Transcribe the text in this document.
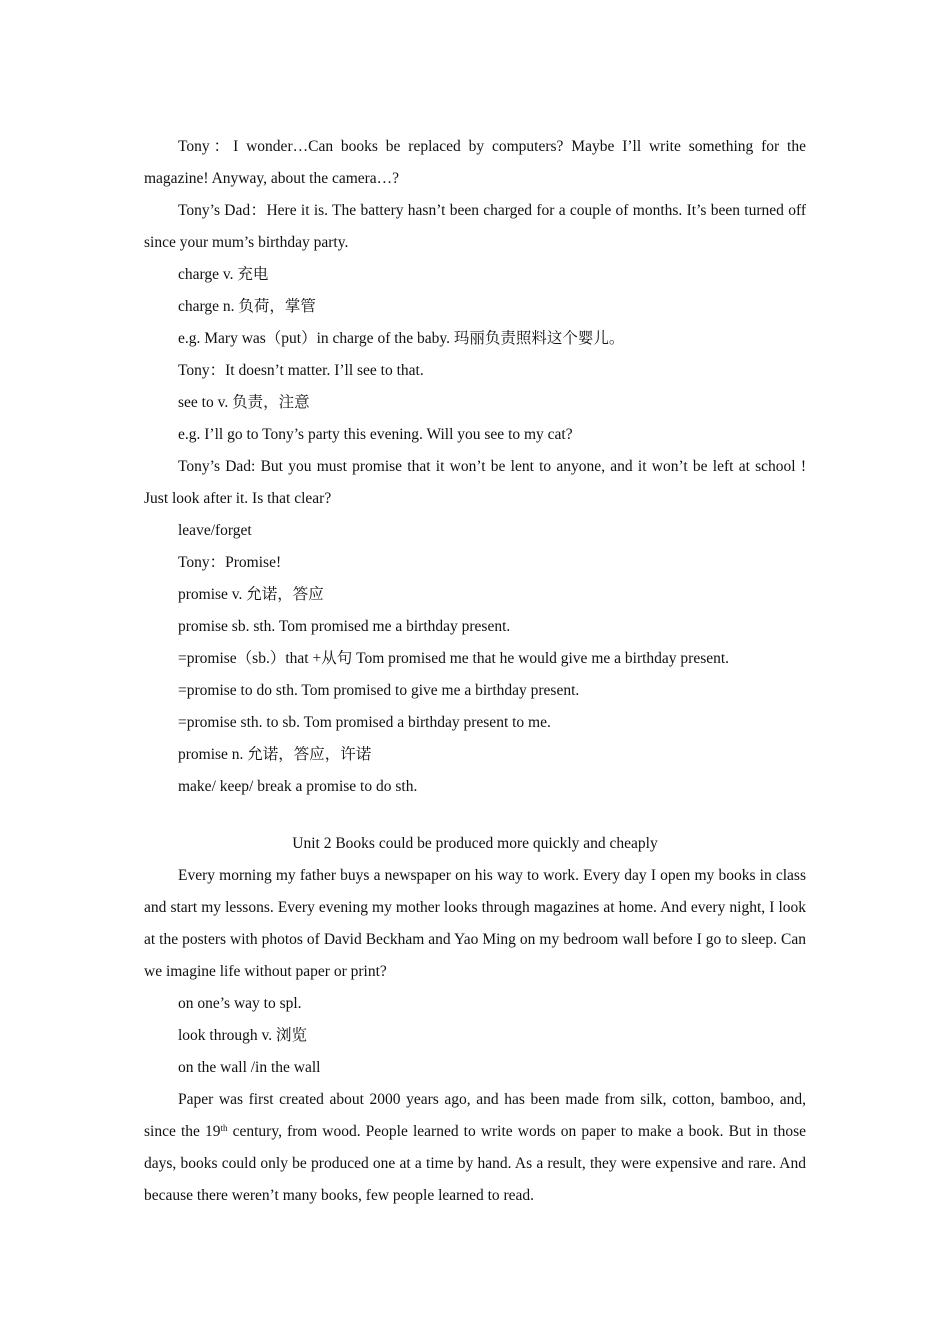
Tony：I wonder…Can books be replaced by computers? Maybe I’ll write something for the magazine! Anyway, about the camera…?

Tony’s Dad：Here it is. The battery hasn’t been charged for a couple of months. It’s been turned off since your mum’s birthday party.

charge v. 充电

charge n. 负荷，掌管

e.g. Mary was（put）in charge of the baby. 玛丽负责照料这个婴儿。

Tony：It doesn’t matter. I’ll see to that.

see to v. 负责，注意

e.g. I’ll go to Tony’s party this evening. Will you see to my cat?

Tony’s Dad: But you must promise that it won’t be lent to anyone, and it won’t be left at school ! Just look after it. Is that clear?

leave/forget

Tony：Promise!

promise v. 允诺，答应

promise sb. sth. Tom promised me a birthday present.

=promise（sb.）that +从句 Tom promised me that he would give me a birthday present.

=promise to do sth. Tom promised to give me a birthday present.

=promise sth. to sb. Tom promised a birthday present to me.

promise n. 允诺，答应，许诺

make/ keep/ break a promise to do sth.

Unit 2 Books could be produced more quickly and cheaply

Every morning my father buys a newspaper on his way to work. Every day I open my books in class and start my lessons. Every evening my mother looks through magazines at home. And every night, I look at the posters with photos of David Beckham and Yao Ming on my bedroom wall before I go to sleep. Can we imagine life without paper or print?

on one’s way to spl.

look through v. 浏览

on the wall /in the wall

Paper was first created about 2000 years ago, and has been made from silk, cotton, bamboo, and, since the 19th century, from wood. People learned to write words on paper to make a book. But in those days, books could only be produced one at a time by hand. As a result, they were expensive and rare. And because there weren’t many books, few people learned to read.
